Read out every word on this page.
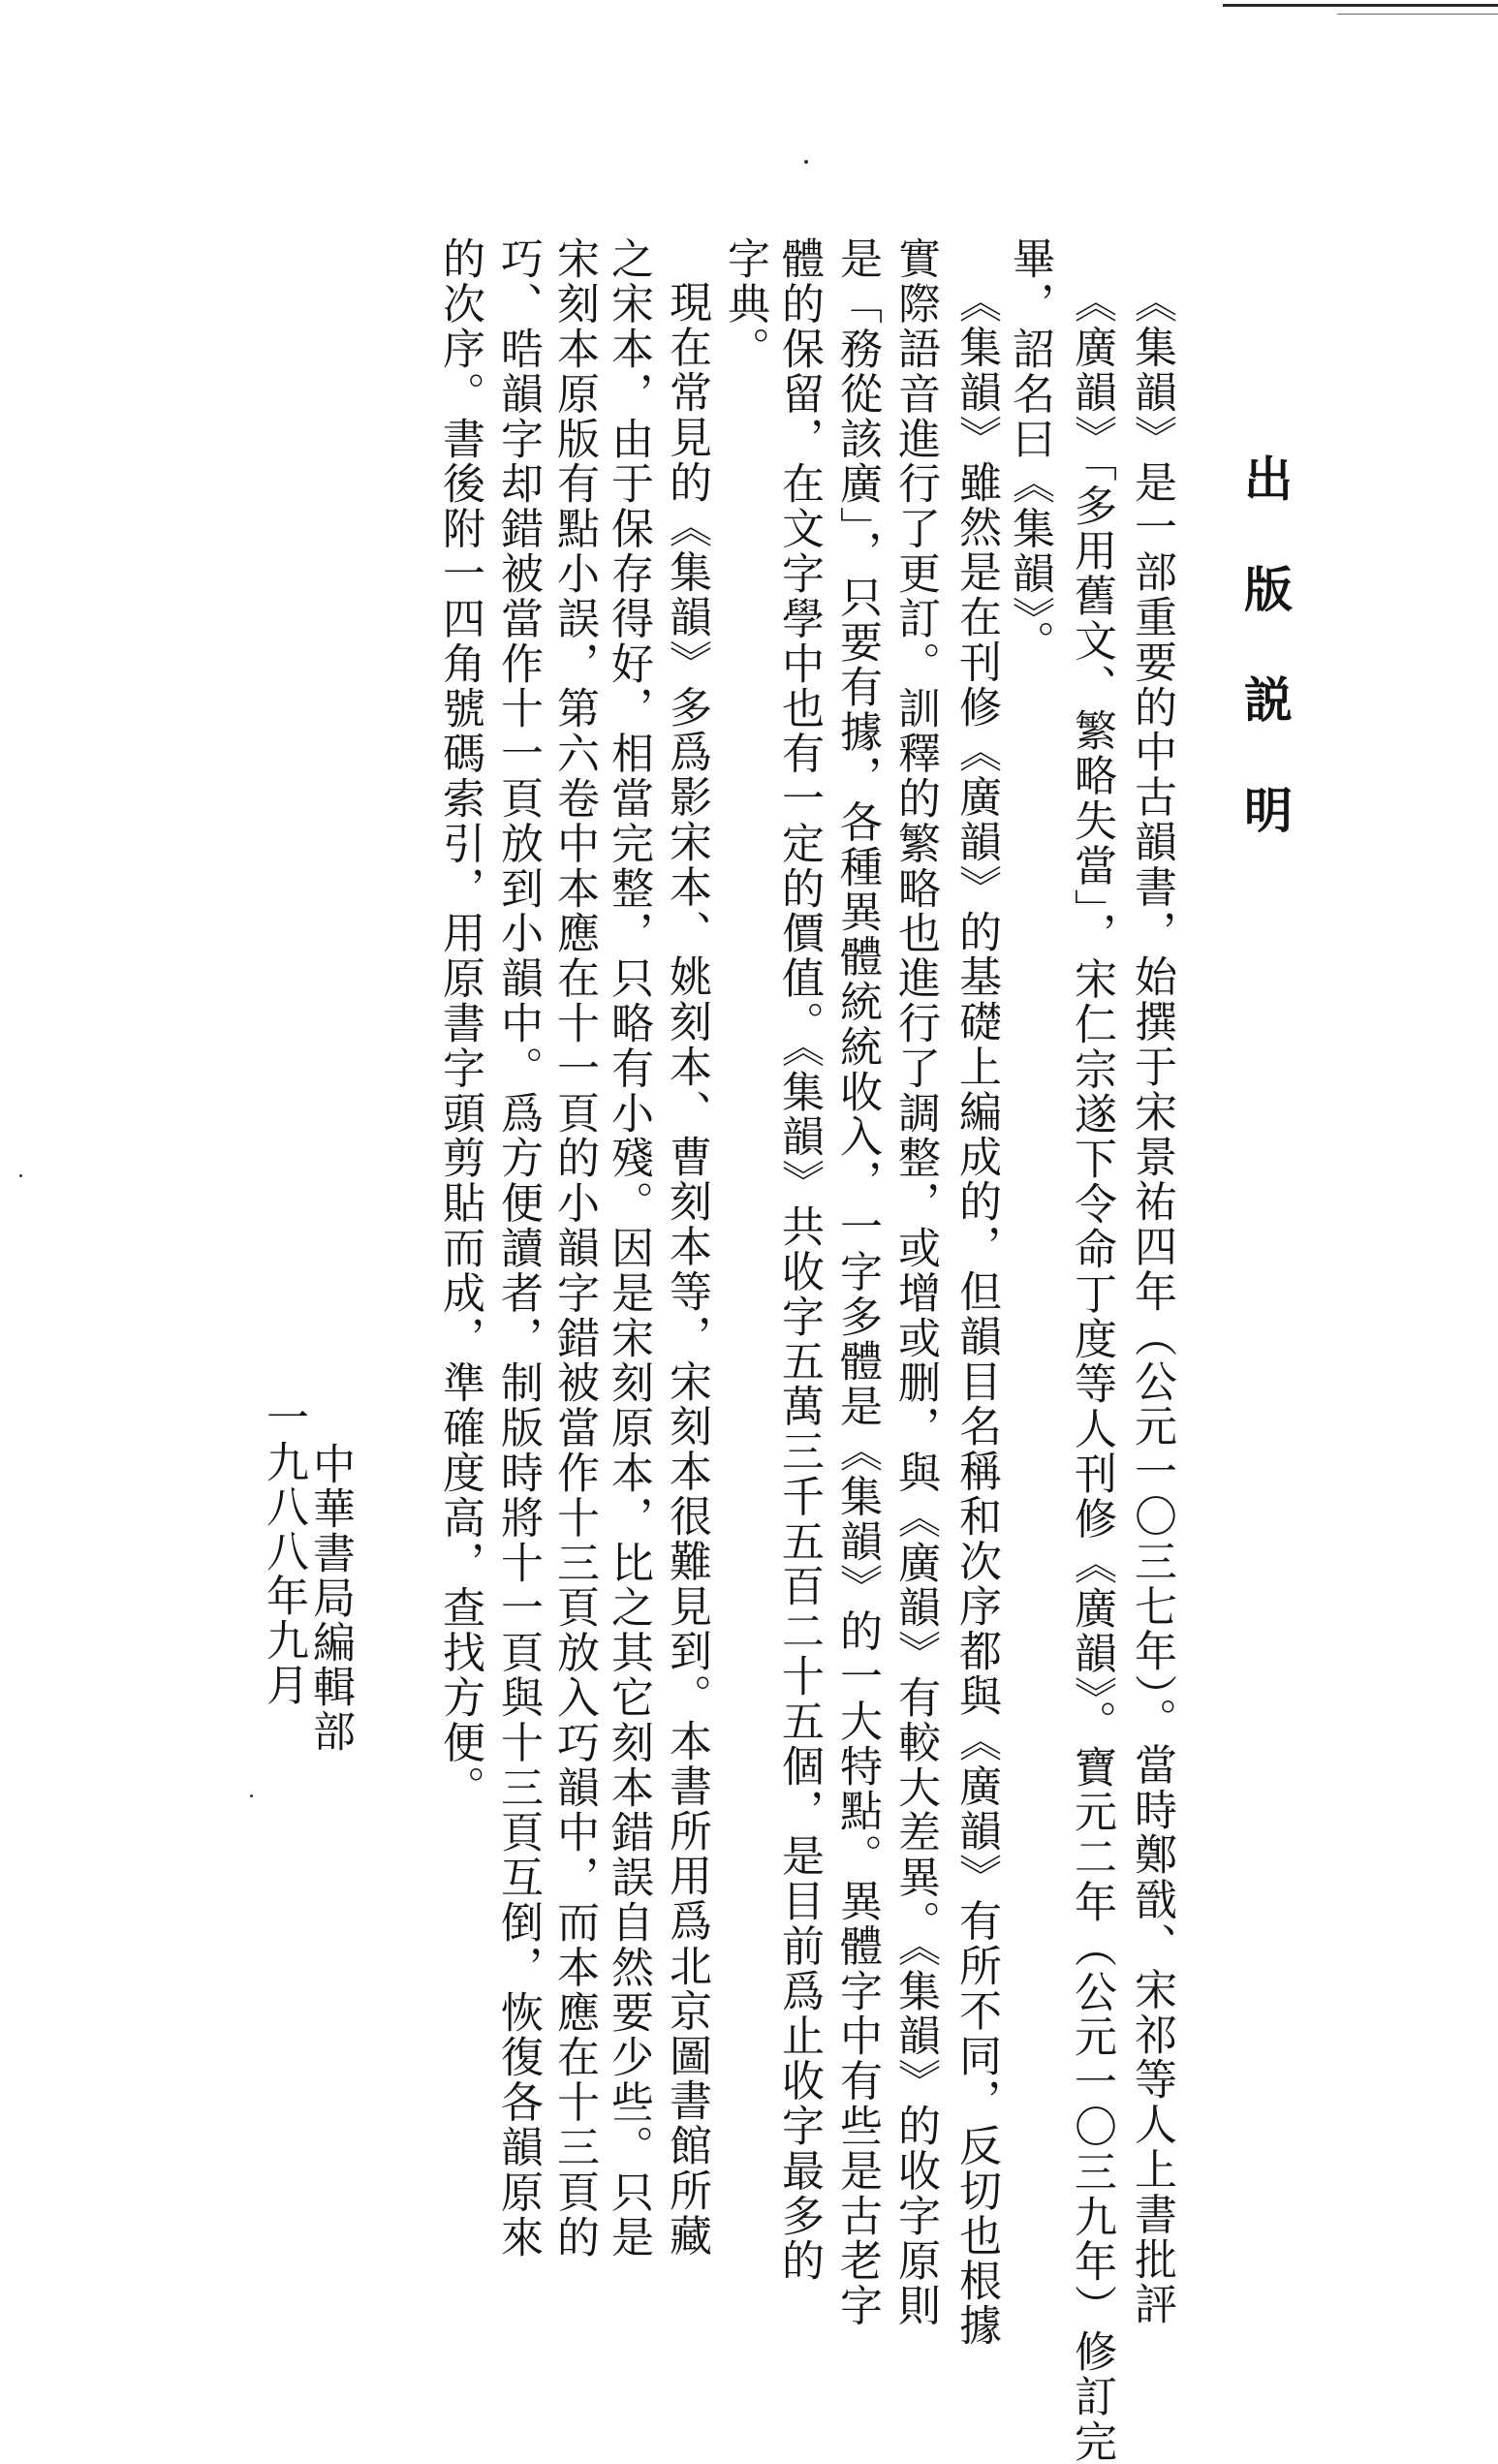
出版説明

《集韻》是一部重要的中古韻書，始撰于宋景祐四年（公元一〇三七年）。當時鄭戩、宋祁等人上書批評

《廣韻》「多用舊文、繁略失當」，宋仁宗遂下令命丁度等人刊修《廣韻》。寶元二年（公元一〇三九年）修訂完

畢，詔名曰《集韻》。

《集韻》雖然是在刊修《廣韻》的基礎上編成的，但韻目名稱和次序都與《廣韻》有所不同，反切也根據

實際語音進行了更訂。訓釋的繁略也進行了調整，或增或删，與《廣韻》有較大差異。《集韻》的收字原則

是「務從該廣」，只要有據，各種異體統統收入，一字多體是《集韻》的一大特點。異體字中有些是古老字

體的保留，在文字學中也有一定的價值。《集韻》共收字五萬三千五百二十五個，是目前爲止收字最多的

字典。

現在常見的《集韻》多爲影宋本、姚刻本、曹刻本等，宋刻本很難見到。本書所用爲北京圖書館所藏

之宋本，由于保存得好，相當完整，只略有小殘。因是宋刻原本，比之其它刻本錯誤自然要少些。只是

宋刻本原版有點小誤，第六卷中本應在十一頁的小韻字錯被當作十三頁放入巧韻中，而本應在十三頁的

巧、晧韻字却錯被當作十一頁放到小韻中。爲方便讀者，制版時將十一頁與十三頁互倒，恢復各韻原來

的次序。書後附一四角號碼索引，用原書字頭剪貼而成，準確度高，查找方便。

中華書局編輯部

一九八八年九月
